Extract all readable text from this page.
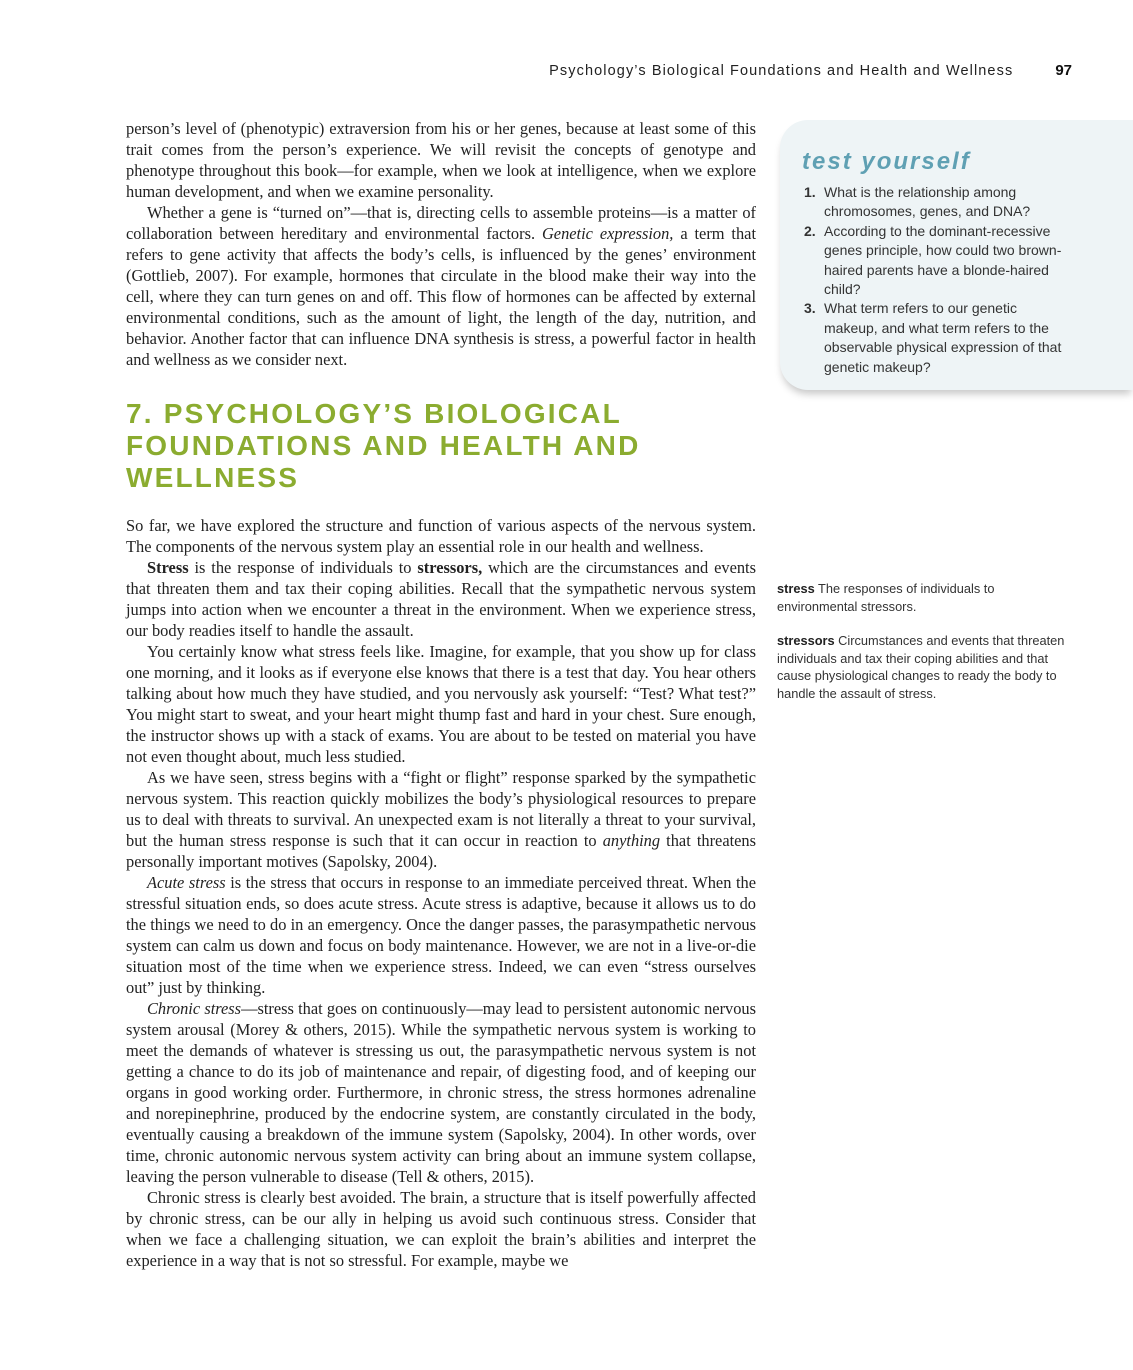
Psychology’s Biological Foundations and Health and Wellness	97

person’s level of (phenotypic) extraversion from his or her genes, because at least some of this trait comes from the person’s experience. We will revisit the concepts of genotype and phenotype throughout this book—for example, when we look at intelligence, when we explore human development, and when we examine personality.

Whether a gene is “turned on”—that is, directing cells to assemble proteins—is a matter of collaboration between hereditary and environmental factors. Genetic expression, a term that refers to gene activity that affects the body’s cells, is influenced by the genes’ environment (Gottlieb, 2007). For example, hormones that circulate in the blood make their way into the cell, where they can turn genes on and off. This flow of hormones can be affected by external environmental conditions, such as the amount of light, the length of the day, nutrition, and behavior. Another factor that can influence DNA synthesis is stress, a powerful factor in health and wellness as we consider next.

7. PSYCHOLOGY’S BIOLOGICAL FOUNDATIONS AND HEALTH AND WELLNESS

So far, we have explored the structure and function of various aspects of the nervous system. The components of the nervous system play an essential role in our health and wellness.

Stress is the response of individuals to stressors, which are the circumstances and events that threaten them and tax their coping abilities. Recall that the sympathetic nervous system jumps into action when we encounter a threat in the environment. When we experience stress, our body readies itself to handle the assault.

You certainly know what stress feels like. Imagine, for example, that you show up for class one morning, and it looks as if everyone else knows that there is a test that day. You hear others talking about how much they have studied, and you nervously ask yourself: “Test? What test?” You might start to sweat, and your heart might thump fast and hard in your chest. Sure enough, the instructor shows up with a stack of exams. You are about to be tested on material you have not even thought about, much less studied.

As we have seen, stress begins with a “fight or flight” response sparked by the sympathetic nervous system. This reaction quickly mobilizes the body’s physiological resources to prepare us to deal with threats to survival. An unexpected exam is not literally a threat to your survival, but the human stress response is such that it can occur in reaction to anything that threatens personally important motives (Sapolsky, 2004).

Acute stress is the stress that occurs in response to an immediate perceived threat. When the stressful situation ends, so does acute stress. Acute stress is adaptive, because it allows us to do the things we need to do in an emergency. Once the danger passes, the parasympathetic nervous system can calm us down and focus on body maintenance. However, we are not in a live-or-die situation most of the time when we experience stress. Indeed, we can even “stress ourselves out” just by thinking.

Chronic stress—stress that goes on continuously—may lead to persistent autonomic nervous system arousal (Morey & others, 2015). While the sympathetic nervous system is working to meet the demands of whatever is stressing us out, the parasympathetic nervous system is not getting a chance to do its job of maintenance and repair, of digesting food, and of keeping our organs in good working order. Furthermore, in chronic stress, the stress hormones adrenaline and norepinephrine, produced by the endocrine system, are constantly circulated in the body, eventually causing a breakdown of the immune system (Sapolsky, 2004). In other words, over time, chronic autonomic nervous system activity can bring about an immune system collapse, leaving the person vulnerable to disease (Tell & others, 2015).

Chronic stress is clearly best avoided. The brain, a structure that is itself powerfully affected by chronic stress, can be our ally in helping us avoid such continuous stress. Consider that when we face a challenging situation, we can exploit the brain’s abilities and interpret the experience in a way that is not so stressful. For example, maybe we

test yourself
1. What is the relationship among chromosomes, genes, and DNA?
2. According to the dominant-recessive genes principle, how could two brown-haired parents have a blonde-haired child?
3. What term refers to our genetic makeup, and what term refers to the observable physical expression of that genetic makeup?
stress The responses of individuals to environmental stressors.
stressors Circumstances and events that threaten individuals and tax their coping abilities and that cause physiological changes to ready the body to handle the assault of stress.
